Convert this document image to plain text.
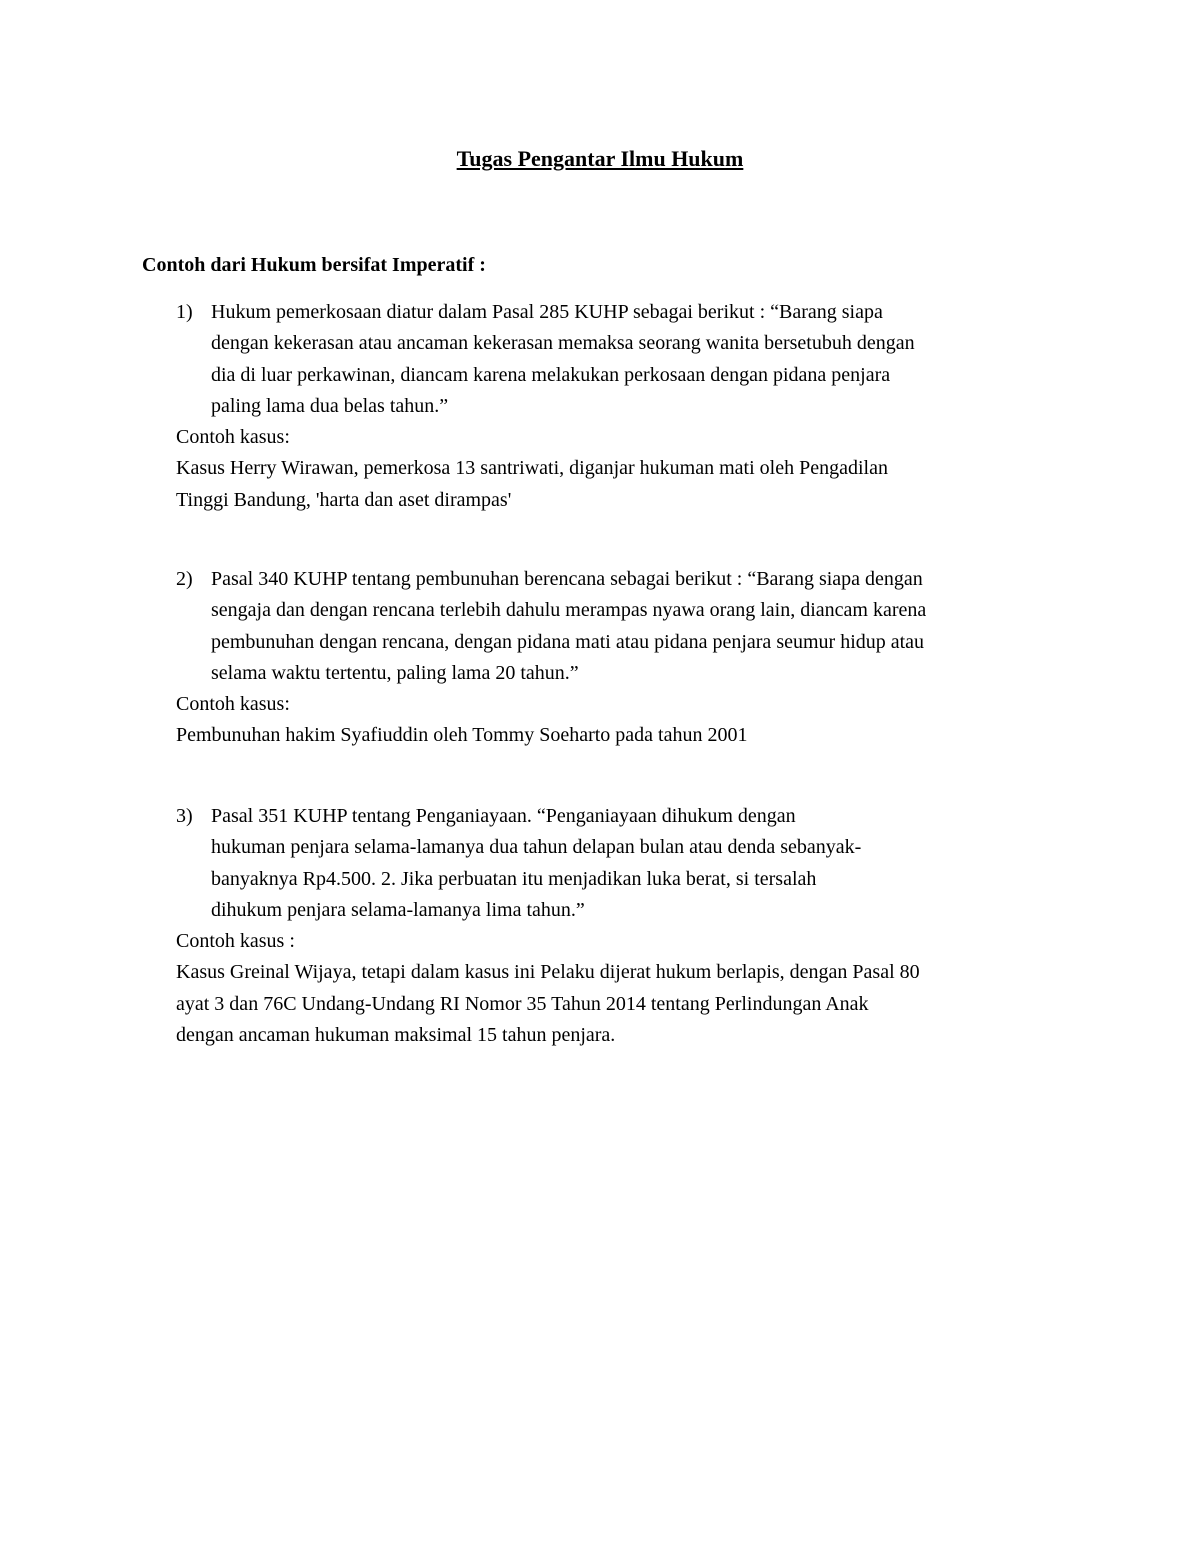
Tugas Pengantar Ilmu Hukum
Contoh dari Hukum bersifat Imperatif :
1) Hukum pemerkosaan diatur dalam Pasal 285 KUHP sebagai berikut : “Barang siapa
dengan kekerasan atau ancaman kekerasan memaksa seorang wanita bersetubuh dengan
dia di luar perkawinan, diancam karena melakukan perkosaan dengan pidana penjara
paling lama dua belas tahun.”
Contoh kasus:
Kasus Herry Wirawan, pemerkosa 13 santriwati, diganjar hukuman mati oleh Pengadilan
Tinggi Bandung, 'harta dan aset dirampas'
2) Pasal 340 KUHP tentang pembunuhan berencana sebagai berikut : “Barang siapa dengan
sengaja dan dengan rencana terlebih dahulu merampas nyawa orang lain, diancam karena
pembunuhan dengan rencana, dengan pidana mati atau pidana penjara seumur hidup atau
selama waktu tertentu, paling lama 20 tahun.”
Contoh kasus:
Pembunuhan hakim Syafiuddin oleh Tommy Soeharto pada tahun 2001
3) Pasal 351 KUHP tentang Penganiayaan. “Penganiayaan dihukum dengan
hukuman penjara selama-lamanya dua tahun delapan bulan atau denda sebanyak-
banyaknya Rp4.500. 2. Jika perbuatan itu menjadikan luka berat, si tersalah
dihukum penjara selama-lamanya lima tahun.”
Contoh kasus :
Kasus Greinal Wijaya, tetapi dalam kasus ini Pelaku dijerat hukum berlapis, dengan Pasal 80
ayat 3 dan 76C Undang-Undang RI Nomor 35 Tahun 2014 tentang Perlindungan Anak
dengan ancaman hukuman maksimal 15 tahun penjara.
